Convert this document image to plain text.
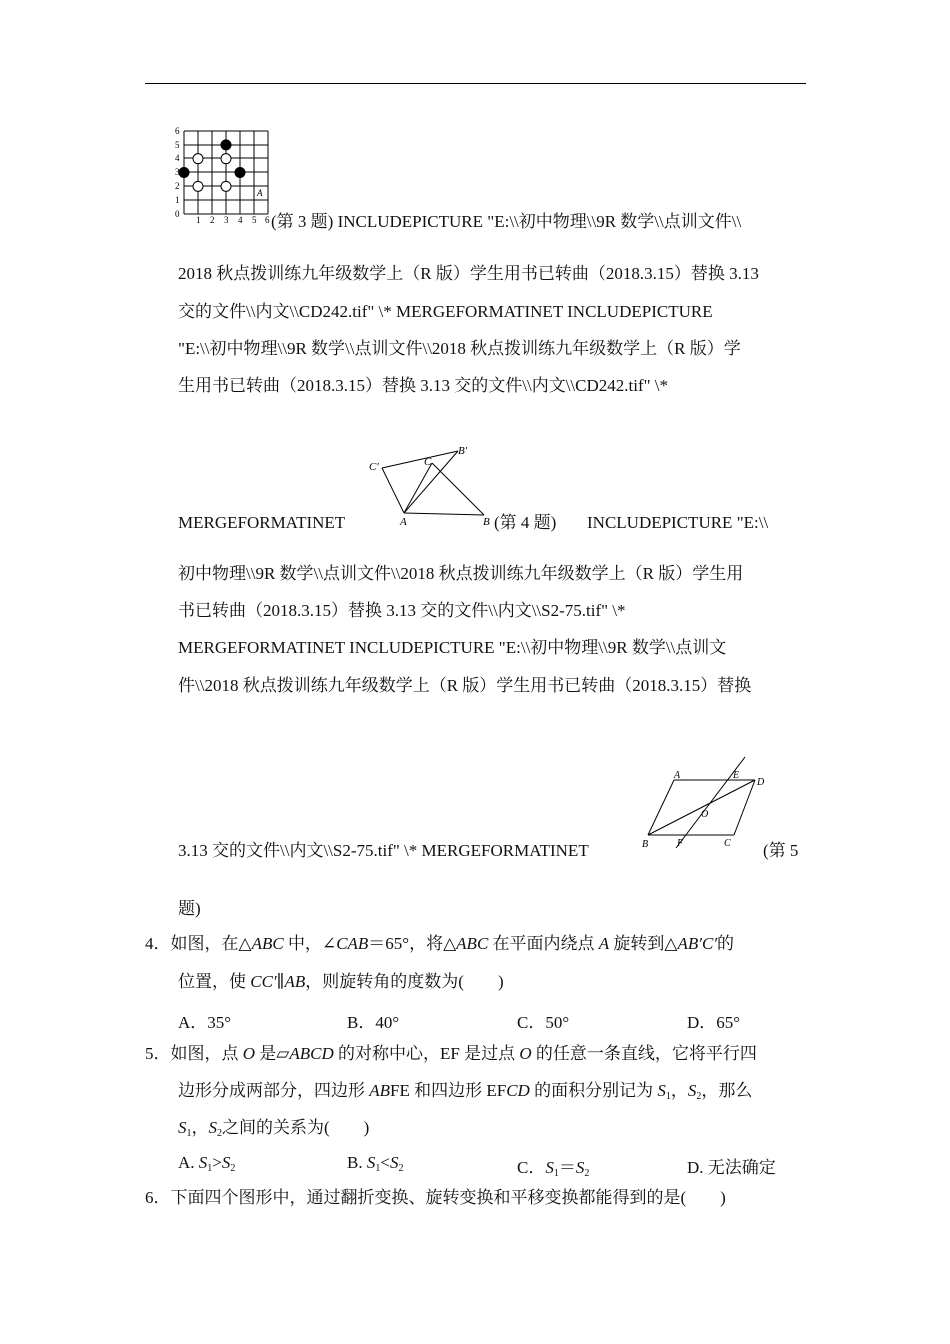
0
1
2
3
4
5
6
1 2 3 4 5 6
A
(第 3 题) INCLUDEPICTURE "E:\\初中物理\\9R 数学\\点训文件\\
2018 秋点拨训练九年级数学上（R 版）学生用书已转曲（2018.3.15）替换 3.13
交的文件\\内文\\CD242.tif" \* MERGEFORMATINET INCLUDEPICTURE
"E:\\初中物理\\9R 数学\\点训文件\\2018 秋点拨训练九年级数学上（R 版）学
生用书已转曲（2018.3.15）替换 3.13 交的文件\\内文\\CD242.tif" \*
C′	C
B′
A	B
MERGEFORMATINET	(第 4 题) INCLUDEPICTURE "E:\\
初中物理\\9R 数学\\点训文件\\2018 秋点拨训练九年级数学上（R 版）学生用
书已转曲（2018.3.15）替换 3.13 交的文件\\内文\\S2-75.tif" \*
MERGEFORMATINET INCLUDEPICTURE "E:\\初中物理\\9R 数学\\点训文
件\\2018 秋点拨训练九年级数学上（R 版）学生用书已转曲（2018.3.15）替换
A	E
D
O
B	F	C
3.13 交的文件\\内文\\S2-75.tif" \* MERGEFORMATINET	(第 5
题)
4．如图，在△ABC 中，∠CAB＝65°，将△ABC 在平面内绕点 A 旋转到△AB′C′的
位置，使 CC′∥AB，则旋转角的度数为(　　)
A．35°	B．40°	C．50°	D．65°
5．如图，点 O 是▱ABCD 的对称中心，EF 是过点 O 的任意一条直线，它将平行四
边形分成两部分，四边形 ABFE 和四边形 EFCD 的面积分别记为 $S_1$，$S_2$，那么
$S_1$，$S_2$之间的关系为(　　)
A. $S_1>S_2$	B. $S_1<S_2$	C．$S_1=S_2$	D. 无法确定
6．下面四个图形中，通过翻折变换、旋转变换和平移变换都能得到的是(　　)
